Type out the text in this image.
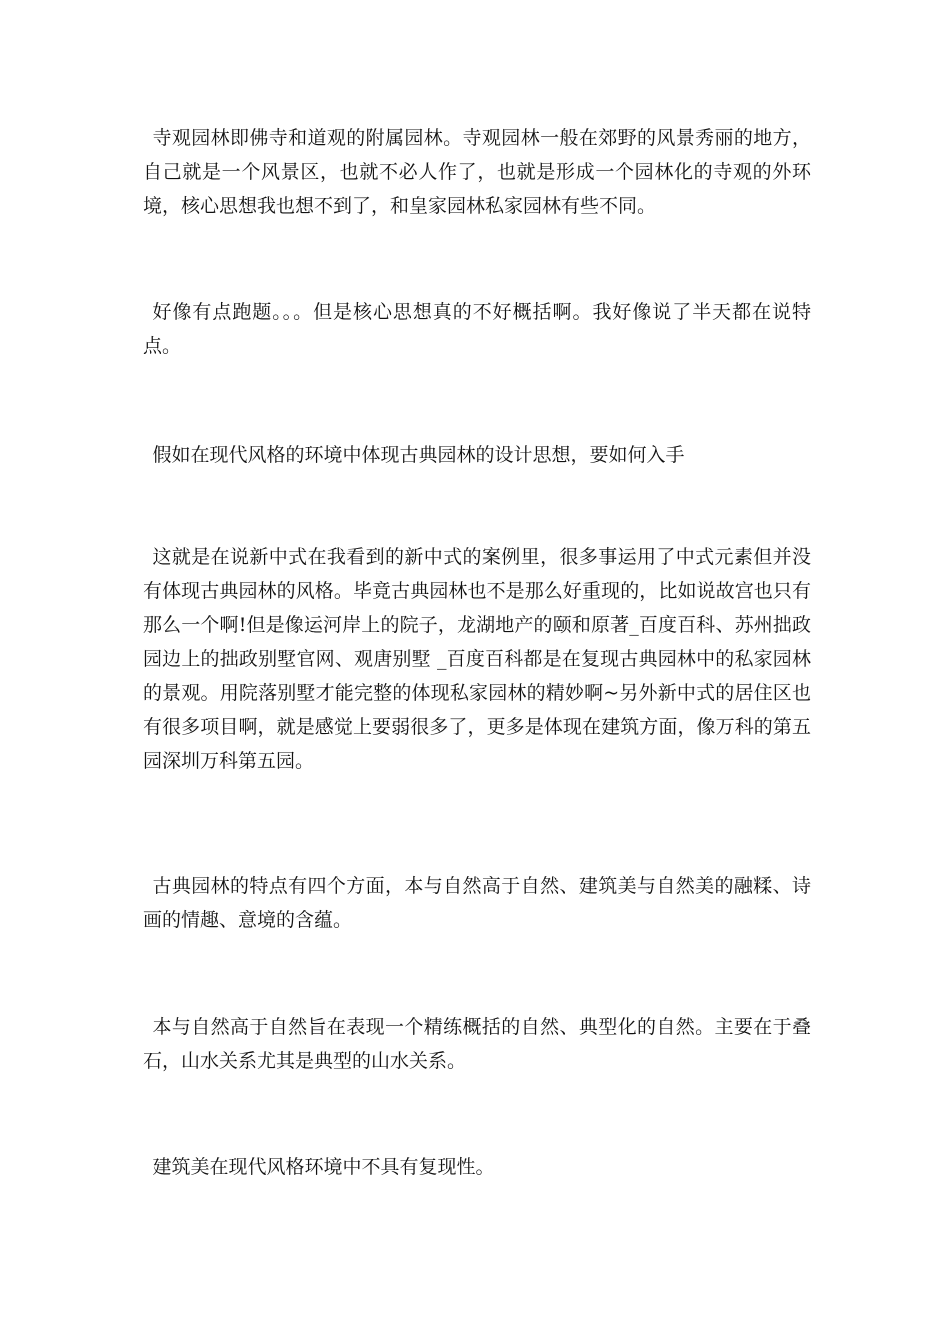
寺观园林即佛寺和道观的附属园林。寺观园林一般在郊野的风景秀丽的地方，自己就是一个风景区，也就不必人作了，也就是形成一个园林化的寺观的外环境，核心思想我也想不到了，和皇家园林私家园林有些不同。

好像有点跑题。。。但是核心思想真的不好概括啊。我好像说了半天都在说特点。

假如在现代风格的环境中体现古典园林的设计思想，要如何入手

这就是在说新中式在我看到的新中式的案例里，很多事运用了中式元素但并没有体现古典园林的风格。毕竟古典园林也不是那么好重现的，比如说故宫也只有那么一个啊!但是像运河岸上的院子，龙湖地产的颐和原著_百度百科、苏州拙政园边上的拙政别墅官网、观唐别墅 _百度百科都是在复现古典园林中的私家园林的景观。用院落别墅才能完整的体现私家园林的精妙啊~另外新中式的居住区也有很多项目啊，就是感觉上要弱很多了，更多是体现在建筑方面，像万科的第五园深圳万科第五园。

古典园林的特点有四个方面，本与自然高于自然、建筑美与自然美的融糅、诗画的情趣、意境的含蕴。

本与自然高于自然旨在表现一个精练概括的自然、典型化的自然。主要在于叠石，山水关系尤其是典型的山水关系。

建筑美在现代风格环境中不具有复现性。
